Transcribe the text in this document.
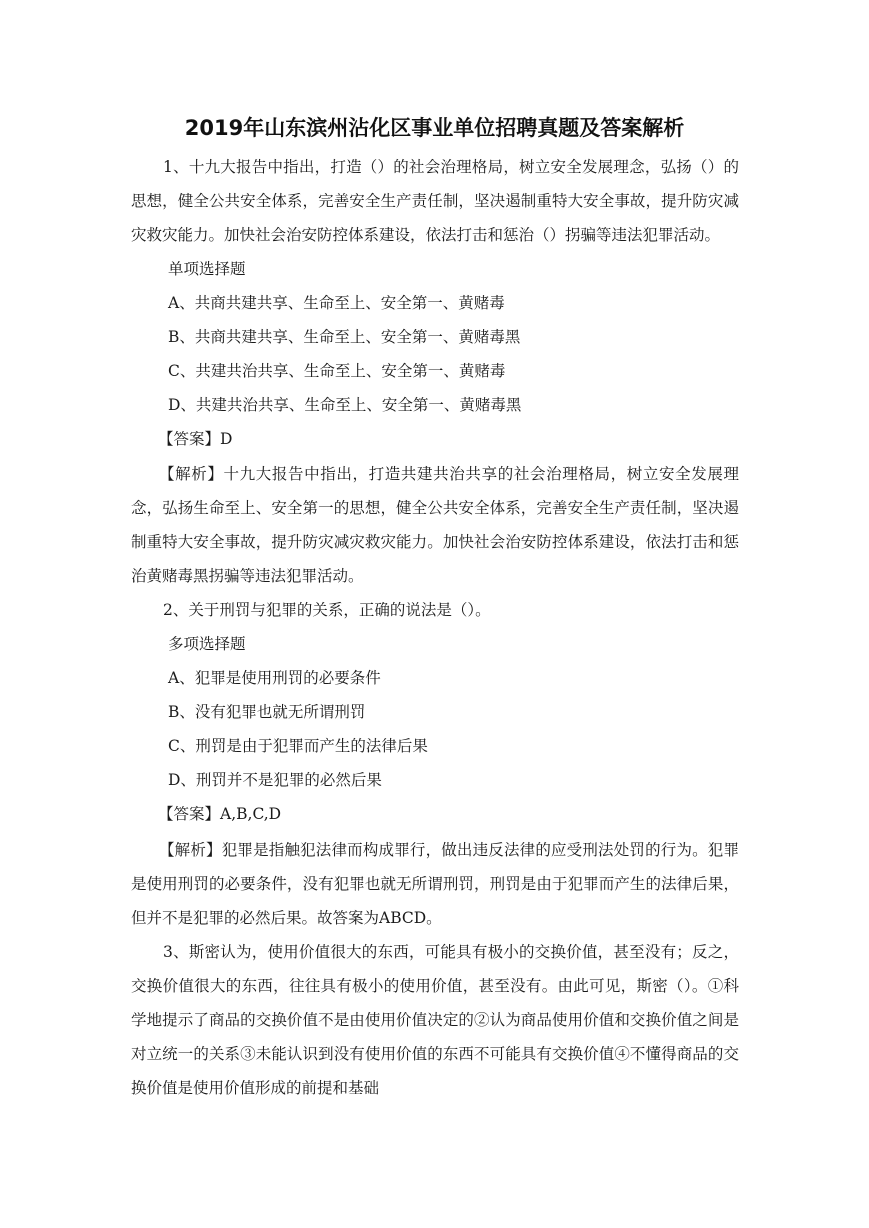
2019年山东滨州沾化区事业单位招聘真题及答案解析
1、十九大报告中指出，打造（）的社会治理格局，树立安全发展理念，弘扬（）的思想，健全公共安全体系，完善安全生产责任制，坚决遏制重特大安全事故，提升防灾减灾救灾能力。加快社会治安防控体系建设，依法打击和惩治（）拐骗等违法犯罪活动。
单项选择题
A、共商共建共享、生命至上、安全第一、黄赌毒
B、共商共建共享、生命至上、安全第一、黄赌毒黑
C、共建共治共享、生命至上、安全第一、黄赌毒
D、共建共治共享、生命至上、安全第一、黄赌毒黑
【答案】D
【解析】十九大报告中指出，打造共建共治共享的社会治理格局，树立安全发展理念，弘扬生命至上、安全第一的思想，健全公共安全体系，完善安全生产责任制，坚决遏制重特大安全事故，提升防灾减灾救灾能力。加快社会治安防控体系建设，依法打击和惩治黄赌毒黑拐骗等违法犯罪活动。
2、关于刑罚与犯罪的关系，正确的说法是（）。
多项选择题
A、犯罪是使用刑罚的必要条件
B、没有犯罪也就无所谓刑罚
C、刑罚是由于犯罪而产生的法律后果
D、刑罚并不是犯罪的必然后果
【答案】A,B,C,D
【解析】犯罪是指触犯法律而构成罪行，做出违反法律的应受刑法处罚的行为。犯罪是使用刑罚的必要条件，没有犯罪也就无所谓刑罚，刑罚是由于犯罪而产生的法律后果，但并不是犯罪的必然后果。故答案为ABCD。
3、斯密认为，使用价值很大的东西，可能具有极小的交换价值，甚至没有；反之，交换价值很大的东西，往往具有极小的使用价值，甚至没有。由此可见，斯密（）。①科学地提示了商品的交换价值不是由使用价值决定的②认为商品使用价值和交换价值之间是对立统一的关系③未能认识到没有使用价值的东西不可能具有交换价值④不懂得商品的交换价值是使用价值形成的前提和基础
